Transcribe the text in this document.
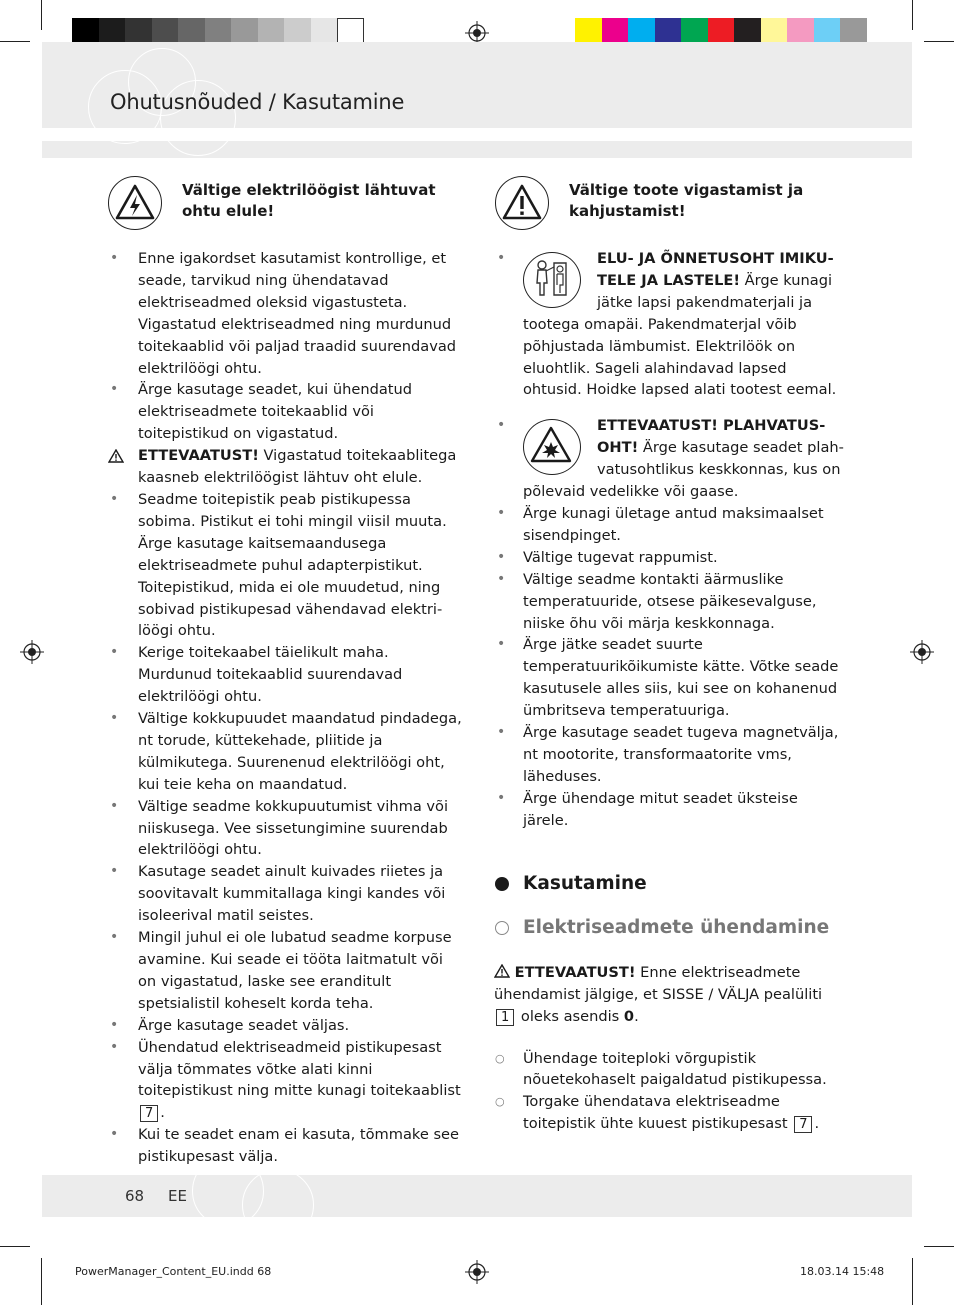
Ohutusnõuded / Kasutamine
Vältige elektrilöögist lähtuvat ohtu elule!
• Enne igakordset kasutamist kontrollige, et seade, tarvikud ning ühendatavad elektriseadmed oleksid vigastusteta. Vigastatud elektriseadmed ning murdunud toitekaablid või paljad traadid suurendavad elektrilöögi ohtu.
• Ärge kasutage seadet, kui ühendatud elektriseadmete toitekaablid või toitepistikud on vigastatud.
ETTEVAATUST! Vigastatud toitekaablitega kaasneb elektrilöögist lähtuv oht elule.
• Seadme toitepistik peab pistikupessa sobima. Pistikut ei tohi mingil viisil muuta. Ärge kasutage kaitsemaandusega elektriseadmete puhul adapterpistikut. Toitepistikud, mida ei ole muudetud, ning sobivad pistikupesad vähendavad elektrilöögi ohtu.
• Kerige toitekaabel täielikult maha. Murdunud toitekaablid suurendavad elektrilöögi ohtu.
• Vältige kokkupuudet maandatud pindadega, nt torude, küttekehade, pliitide ja külmikutega. Suurenenud elektrilöögi oht, kui teie keha on maandatud.
• Vältige seadme kokkupuutumist vihma või niiskusega. Vee sissetungimine suurendab elektrilöögi ohtu.
• Kasutage seadet ainult kuivades riietes ja soovitavalt kummitallaga kingi kandes või isoleerival matil seistes.
• Mingil juhul ei ole lubatud seadme korpuse avamine. Kui seade ei tööta laitmatult või on vigastatud, laske see eranditult spetsialistil koheselt korda teha.
• Ärge kasutage seadet väljas.
• Ühendatud elektriseadmeid pistikupesast välja tõmmates võtke alati kinni toitepistikust ning mitte kunagi toitekaablist 7 .
• Kui te seadet enam ei kasuta, tõmmake see pistikupesast välja.
Vältige toote vigastamist ja kahjustamist!
•	ELU- JA ÕNNETUSOHT IMIKUTELE JA LASTELE! Ärge kunagi jätke lapsi pakendmaterjali ja tootega omapäi. Pakendmaterjal võib põhjustada lämbumist. Elektrilöök on eluohtlik. Sageli alahindavad lapsed ohtusid. Hoidke lapsed alati tootest eemal.
•	ETTEVAATUST! PLAHVATUSOHT! Ärge kasutage seadet plahvatusohtlikus keskkonnas, kus on põlevaid vedelikke või gaase.
• Ärge kunagi ületage antud maksimaalset sisendpinget.
• Vältige tugevat rappumist.
• Vältige seadme kontakti äärmuslike temperatuuride, otsese päikesevalguse, niiske õhu või märja keskkonnaga.
• Ärge jätke seadet suurte temperatuurikõikumiste kätte. Võtke seade kasutusele alles siis, kui see on kohanenud ümbritseva temperatuuriga.
• Ärge kasutage seadet tugeva magnetvälja, nt mootorite, transformaatorite vms, läheduses.
• Ärge ühendage mitut seadet üksteise järele.
Kasutamine
Elektriseadmete ühendamine
ETTEVAATUST! Enne elektriseadmete ühendamist jälgige, et SISSE / VÄLJA pealüliti 1 oleks asendis 0.
○ Ühendage toiteploki võrgupistik nõuetekohaselt paigaldatud pistikupessa.
○ Torgake ühendatava elektriseadme toitepistik ühte kuuest pistikupesast 7 .
68 EE
PowerManager_Content_EU.indd 68	18.03.14 15:48
